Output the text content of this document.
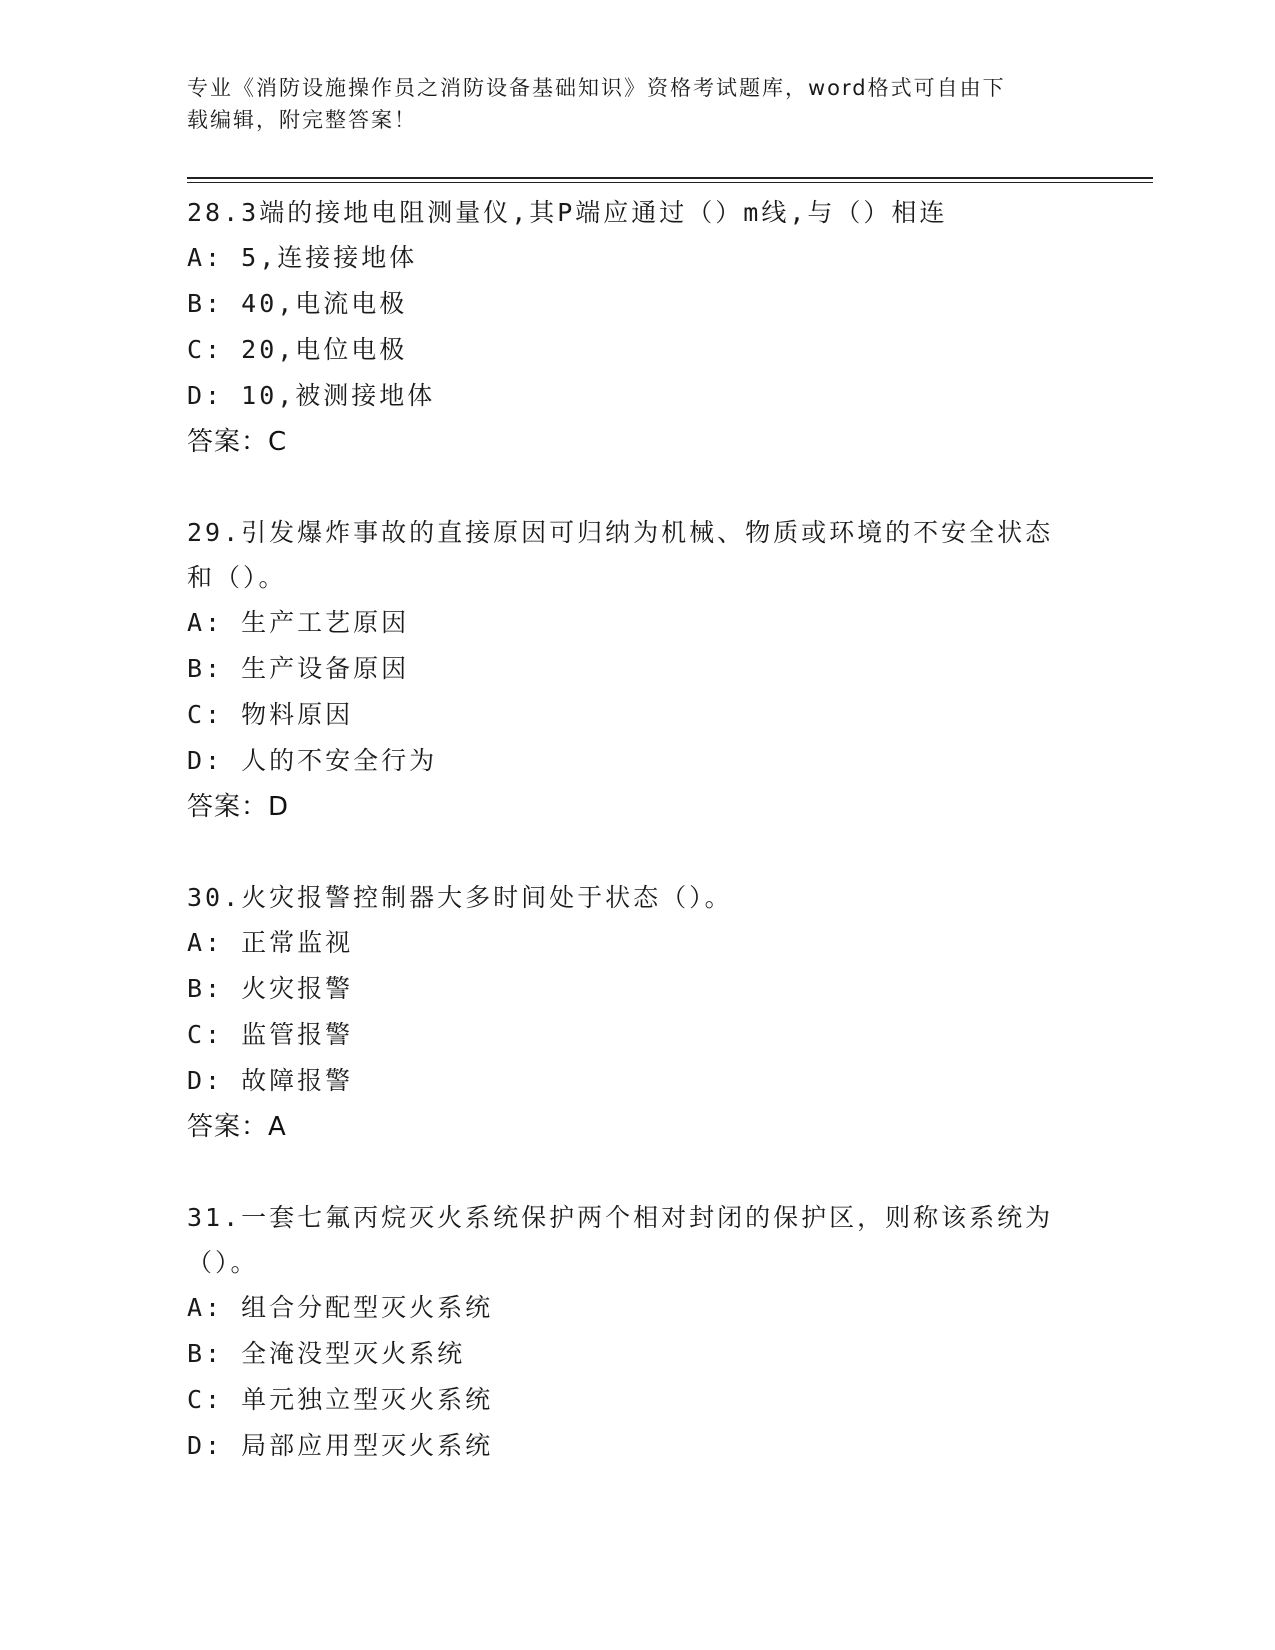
专业《消防设施操作员之消防设备基础知识》资格考试题库，word格式可自由下
载编辑，附完整答案！
28.3端的接地电阻测量仪,其P端应通过（）m线,与（）相连
A: 5,连接接地体
B: 40,电流电极
C: 20,电位电极
D: 10,被测接地体
答案：C
29.引发爆炸事故的直接原因可归纳为机械、物质或环境的不安全状态
和（）。
A: 生产工艺原因
B: 生产设备原因
C: 物料原因
D: 人的不安全行为
答案：D
30.火灾报警控制器大多时间处于状态（）。
A: 正常监视
B: 火灾报警
C: 监管报警
D: 故障报警
答案：A
31.一套七氟丙烷灭火系统保护两个相对封闭的保护区，则称该系统为
（）。
A: 组合分配型灭火系统
B: 全淹没型灭火系统
C: 单元独立型灭火系统
D: 局部应用型灭火系统
